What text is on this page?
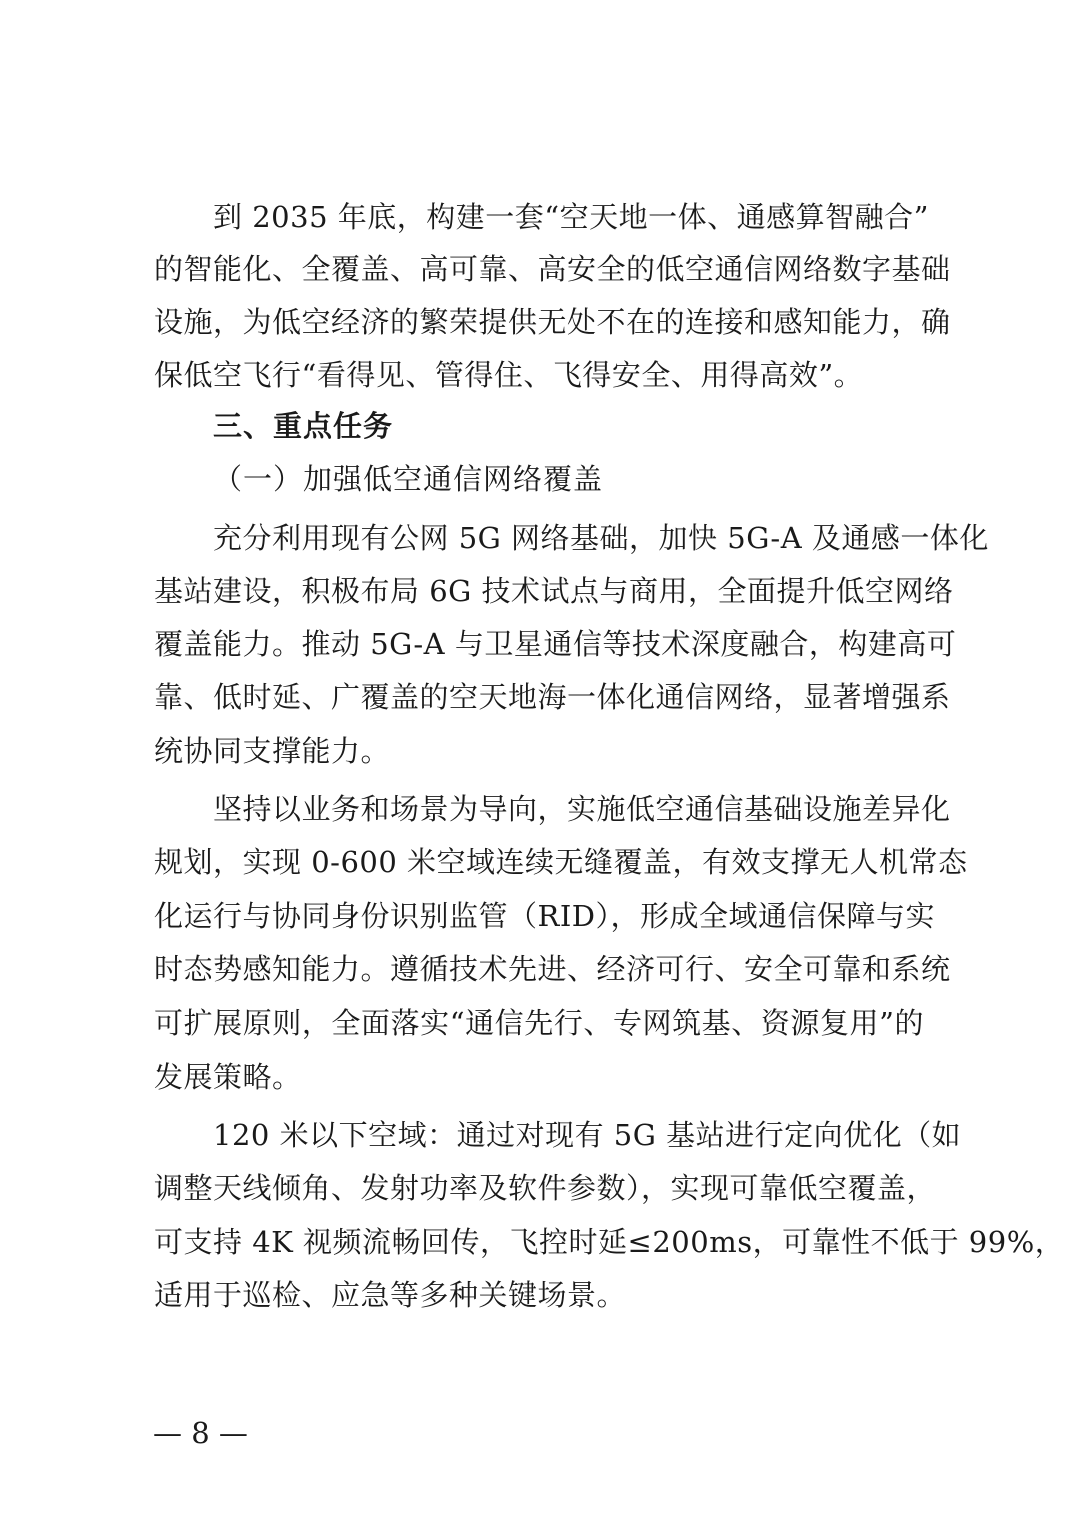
到 2035 年底，构建一套“空天地一体、通感算智融合”
的智能化、全覆盖、高可靠、高安全的低空通信网络数字基础
设施，为低空经济的繁荣提供无处不在的连接和感知能力，确
保低空飞行“看得见、管得住、飞得安全、用得高效”。
三、重点任务
（一）加强低空通信网络覆盖
充分利用现有公网 5G 网络基础，加快 5G-A 及通感一体化
基站建设，积极布局 6G 技术试点与商用，全面提升低空网络
覆盖能力。推动 5G-A 与卫星通信等技术深度融合，构建高可
靠、低时延、广覆盖的空天地海一体化通信网络，显著增强系
统协同支撑能力。
坚持以业务和场景为导向，实施低空通信基础设施差异化
规划，实现 0-600 米空域连续无缝覆盖，有效支撑无人机常态
化运行与协同身份识别监管（RID），形成全域通信保障与实
时态势感知能力。遵循技术先进、经济可行、安全可靠和系统
可扩展原则，全面落实“通信先行、专网筑基、资源复用”的
发展策略。
120 米以下空域：通过对现有 5G 基站进行定向优化（如
调整天线倾角、发射功率及软件参数），实现可靠低空覆盖，
可支持 4K 视频流畅回传，飞控时延≤200ms，可靠性不低于 99%，
适用于巡检、应急等多种关键场景。
— 8 —
